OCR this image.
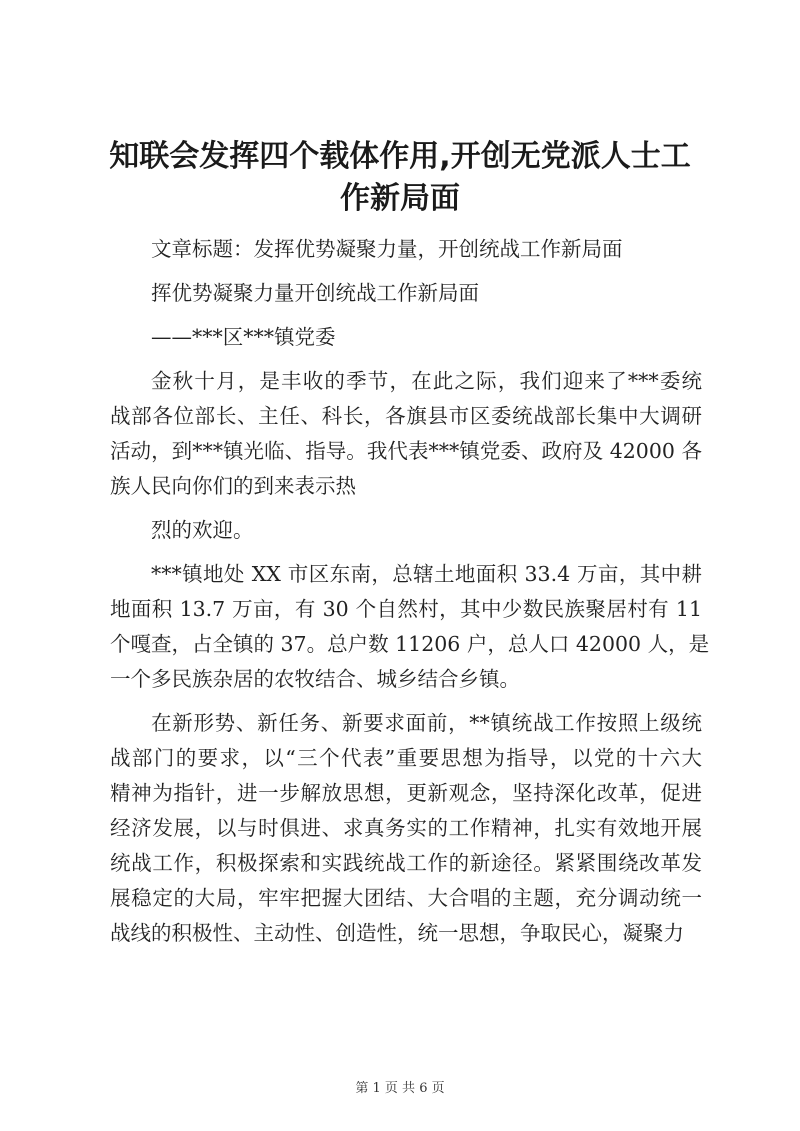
知联会发挥四个载体作用,开创无党派人士工
作新局面
文章标题：发挥优势凝聚力量，开创统战工作新局面
挥优势凝聚力量开创统战工作新局面
——***区***镇党委
金秋十月，是丰收的季节，在此之际，我们迎来了***委统
战部各位部长、主任、科长，各旗县市区委统战部长集中大调研
活动，到***镇光临、指导。我代表***镇党委、政府及 42000 各
族人民向你们的到来表示热
烈的欢迎。
***镇地处 XX 市区东南，总辖土地面积 33.4 万亩，其中耕
地面积 13.7 万亩，有 30 个自然村，其中少数民族聚居村有 11
个嘎查，占全镇的 37。总户数 11206 户，总人口 42000 人，是
一个多民族杂居的农牧结合、城乡结合乡镇。
在新形势、新任务、新要求面前，**镇统战工作按照上级统
战部门的要求，以“三个代表”重要思想为指导，以党的十六大
精神为指针，进一步解放思想，更新观念，坚持深化改革，促进
经济发展，以与时俱进、求真务实的工作精神，扎实有效地开展
统战工作，积极探索和实践统战工作的新途径。紧紧围绕改革发
展稳定的大局，牢牢把握大团结、大合唱的主题，充分调动统一
战线的积极性、主动性、创造性，统一思想，争取民心，凝聚力
第 1 页 共 6 页
